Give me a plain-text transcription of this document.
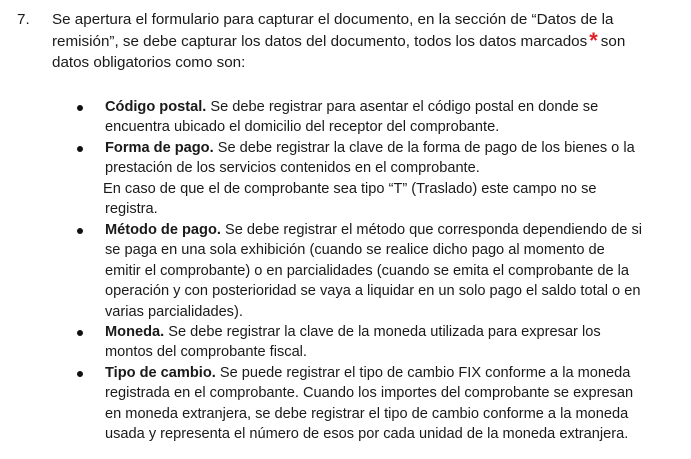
7.	Se apertura el formulario para capturar el documento, en la sección de “Datos de la
remisión”, se debe capturar los datos del documento, todos los datos marcados* son
datos obligatorios como son:
Código postal. Se debe registrar para asentar el código postal en donde se
encuentra ubicado el domicilio del receptor del comprobante.
Forma de pago. Se debe registrar la clave de la forma de pago de los bienes o la
prestación de los servicios contenidos en el comprobante.
En caso de que el de comprobante sea tipo “T” (Traslado) este campo no se
registra.
Método de pago. Se debe registrar el método que corresponda dependiendo de si
se paga en una sola exhibición (cuando se realice dicho pago al momento de
emitir el comprobante) o en parcialidades (cuando se emita el comprobante de la
operación y con posterioridad se vaya a liquidar en un solo pago el saldo total o en
varias parcialidades).
Moneda. Se debe registrar la clave de la moneda utilizada para expresar los
montos del comprobante fiscal.
Tipo de cambio. Se puede registrar el tipo de cambio FIX conforme a la moneda
registrada en el comprobante. Cuando los importes del comprobante se expresan
en moneda extranjera, se debe registrar el tipo de cambio conforme a la moneda
usada y representa el número de esos por cada unidad de la moneda extranjera.
